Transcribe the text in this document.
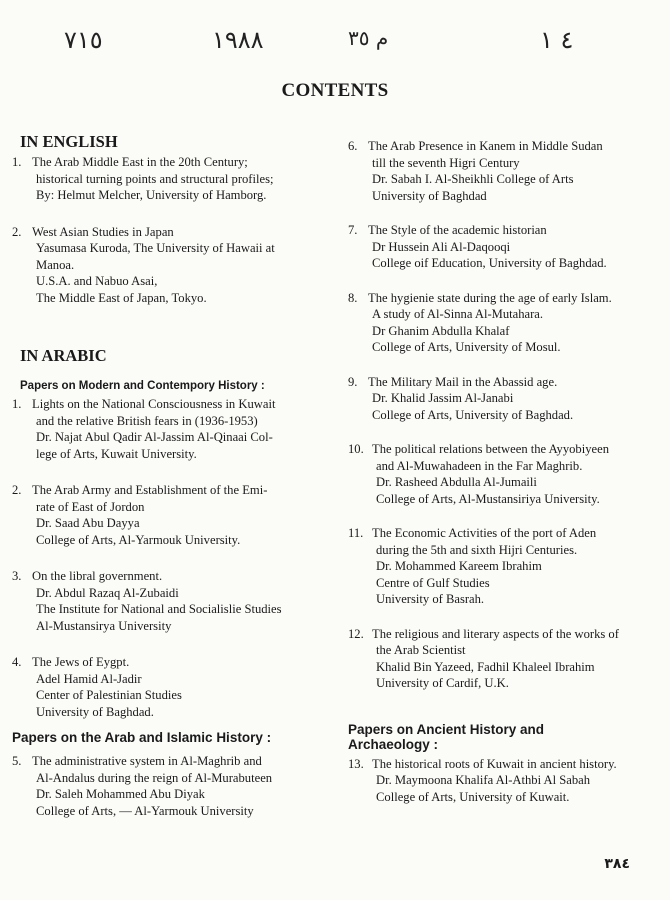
٧١٥	١٩٨٨	م ٣٥	٤ ١
CONTENTS
IN ENGLISH
1. The Arab Middle East in the 20th Century;
historical turning points and structural profiles;
By: Helmut Melcher, University of Hamborg.
2. West Asian Studies in Japan
Yasumasa Kuroda, The University of Hawaii at
Manoa.
U.S.A. and Nabuo Asai,
The Middle East of Japan, Tokyo.
IN ARABIC
Papers on Modern and Contempory History :
1. Lights on the National Consciousness in Kuwait
and the relative British fears in (1936-1953)
Dr. Najat Abul Qadir Al-Jassim Al-Qinaai Col-
lege of Arts, Kuwait University.
2. The Arab Army and Establishment of the Emi-
rate of East of Jordon
Dr. Saad Abu Dayya
College of Arts, Al-Yarmouk University.
3. On the libral government.
Dr. Abdul Razaq Al-Zubaidi
The Institute for National and Socialislie Studies
Al-Mustansirya University
4. The Jews of Eygpt.
Adel Hamid Al-Jadir
Center of Palestinian Studies
University of Baghdad.
Papers on the Arab and Islamic History :
5. The administrative system in Al-Maghrib and
Al-Andalus during the reign of Al-Murabuteen
Dr. Saleh Mohammed Abu Diyak
College of Arts, — Al-Yarmouk University
6. The Arab Presence in Kanem in Middle Sudan
till the seventh Higri Century
Dr. Sabah I. Al-Sheikhli College of Arts
University of Baghdad
7. The Style of the academic historian
Dr Hussein Ali Al-Daqooqi
College oif Education, University of Baghdad.
8. The hygienie state during the age of early Islam.
A study of Al-Sinna Al-Mutahara.
Dr Ghanim Abdulla Khalaf
College of Arts, University of Mosul.
9. The Military Mail in the Abassid age.
Dr. Khalid Jassim Al-Janabi
College of Arts, University of Baghdad.
10. The political relations between the Ayyobiyeen
and Al-Muwahadeen in the Far Maghrib.
Dr. Rasheed Abdulla Al-Jumaili
College of Arts, Al-Mustansiriya University.
11. The Economic Activities of the port of Aden
during the 5th and sixth Hijri Centuries.
Dr. Mohammed Kareem Ibrahim
Centre of Gulf Studies
University of Basrah.
12. The religious and literary aspects of the works of
the Arab Scientist
Khalid Bin Yazeed, Fadhil Khaleel Ibrahim
University of Cardif, U.K.
Papers on Ancient History and
Archaeology :
13. The historical roots of Kuwait in ancient history.
Dr. Maymoona Khalifa Al-Athbi Al Sabah
College of Arts, University of Kuwait.
٣٨٤
